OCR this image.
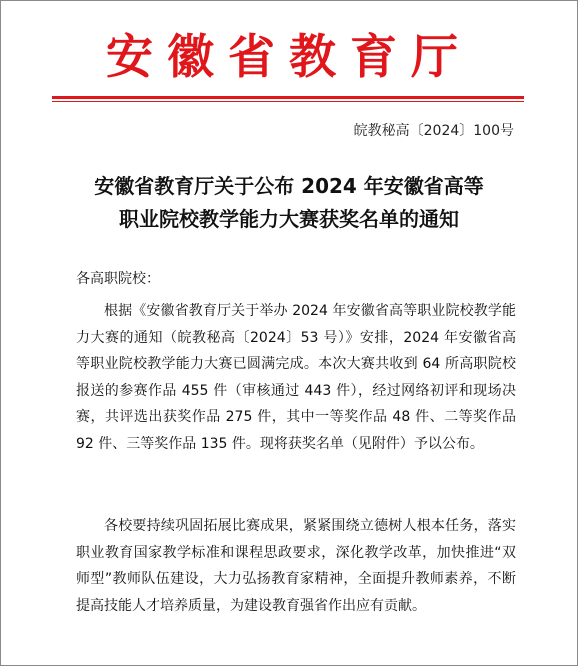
安徽省教育厅
皖教秘高〔2024〕100号
安徽省教育厅关于公布 2024 年安徽省高等
职业院校教学能力大赛获奖名单的通知
各高职院校：

根据《安徽省教育厅关于举办 2024 年安徽省高等职业院校教学能力大赛的通知（皖教秘高〔2024〕53 号）》安排，2024 年安徽省高等职业院校教学能力大赛已圆满完成。本次大赛共收到 64 所高职院校报送的参赛作品 455 件（审核通过 443 件），经过网络初评和现场决赛，共评选出获奖作品 275 件，其中一等奖作品 48 件、二等奖作品 92 件、三等奖作品 135 件。现将获奖名单（见附件）予以公布。

各校要持续巩固拓展比赛成果，紧紧围绕立德树人根本任务，落实职业教育国家教学标准和课程思政要求，深化教学改革，加快推进“双师型”教师队伍建设，大力弘扬教育家精神，全面提升教师素养，不断提高技能人才培养质量，为建设教育强省作出应有贡献。
